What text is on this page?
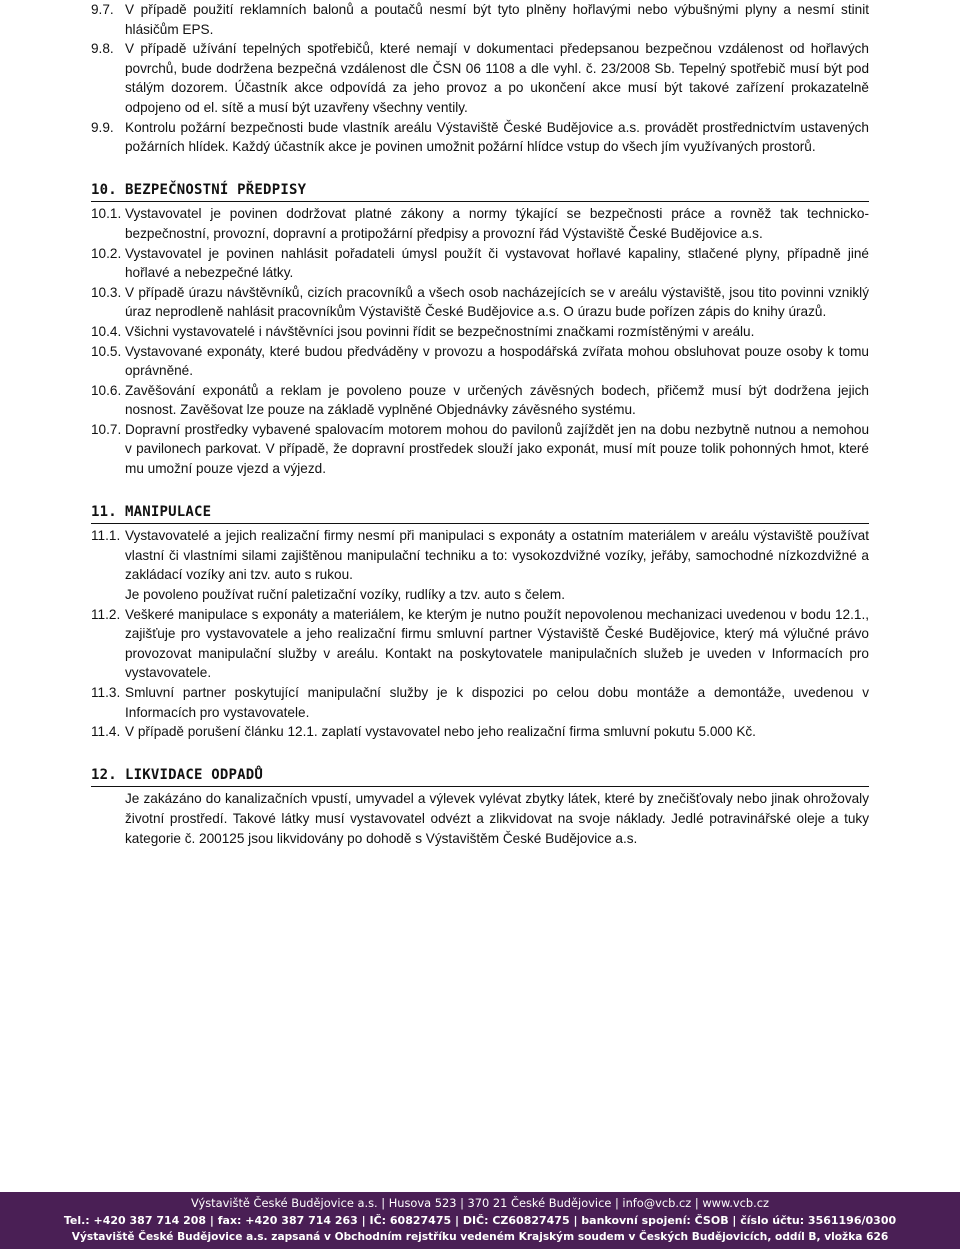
9.7. V případě použití reklamních balonů a poutačů nesmí být tyto plněny hořlavými nebo výbušnými plyny a nesmí stinit hlásičům EPS.
9.8. V případě užívání tepelných spotřebičů, které nemají v dokumentaci předepsanou bezpečnou vzdálenost od hořlavých povrchů, bude dodržena bezpečná vzdálenost dle ČSN 06 1108 a dle vyhl. č. 23/2008 Sb. Tepelný spotřebič musí být pod stálým dozorem. Účastník akce odpovídá za jeho provoz a po ukončení akce musí být takové zařízení prokazatelně odpojeno od el. sítě a musí být uzavřeny všechny ventily.
9.9. Kontrolu požární bezpečnosti bude vlastník areálu Výstaviště České Budějovice a.s. provádět prostřednictvím ustavených požárních hlídek. Každý účastník akce je povinen umožnit požární hlídce vstup do všech jím využívaných prostorů.
10. BEZPEČNOSTNÍ PŘEDPISY
10.1. Vystavovatel je povinen dodržovat platné zákony a normy týkající se bezpečnosti práce a rovněž tak technicko-bezpečnostní, provozní, dopravní a protipožární předpisy a provozní řád Výstaviště České Budějovice a.s.
10.2. Vystavovatel je povinen nahlásit pořadateli úmysl použít či vystavovat hořlavé kapaliny, stlačené plyny, případně jiné hořlavé a nebezpečné látky.
10.3. V případě úrazu návštěvníků, cizích pracovníků a všech osob nacházejících se v areálu výstaviště, jsou tito povinni vzniklý úraz neprodleně nahlásit pracovníkům Výstaviště České Budějovice a.s. O úrazu bude pořízen zápis do knihy úrazů.
10.4. Všichni vystavovatelé i návštěvníci jsou povinni řídit se bezpečnostními značkami rozmístěnými v areálu.
10.5. Vystavované exponáty, které budou předváděny v provozu a hospodářská zvířata mohou obsluhovat pouze osoby k tomu oprávněné.
10.6. Zavěšování exponátů a reklam je povoleno pouze v určených závěsných bodech, přičemž musí být dodržena jejich nosnost. Zavěšovat lze pouze na základě vyplněné Objednávky závěsného systému.
10.7. Dopravní prostředky vybavené spalovacím motorem mohou do pavilonů zajíždět jen na dobu nezbytně nutnou a nemohou v pavilonech parkovat. V případě, že dopravní prostředek slouží jako exponát, musí mít pouze tolik pohonných hmot, které mu umožní pouze vjezd a výjezd.
11. MANIPULACE
11.1. Vystavovatelé a jejich realizační firmy nesmí při manipulaci s exponáty a ostatním materiálem v areálu výstaviště používat vlastní či vlastními silami zajištěnou manipulační techniku a to: vysokozdvižné vozíky, jeřáby, samochodné nízkozdvižné a zakládací vozíky ani tzv. auto s rukou.
Je povoleno používat ruční paletizační vozíky, rudlíky a tzv. auto s čelem.
11.2. Veškeré manipulace s exponáty a materiálem, ke kterým je nutno použít nepovolenou mechanizaci uvedenou v bodu 12.1., zajišťuje pro vystavovatele a jeho realizační firmu smluvní partner Výstaviště České Budějovice, který má výlučné právo provozovat manipulační služby v areálu. Kontakt na poskytovatele manipulačních služeb je uveden v Informacích pro vystavovatele.
11.3. Smluvní partner poskytující manipulační služby je k dispozici po celou dobu montáže a demontáže, uvedenou v Informacích pro vystavovatele.
11.4. V případě porušení článku 12.1. zaplatí vystavovatel nebo jeho realizační firma smluvní pokutu 5.000 Kč.
12. LIKVIDACE ODPADŮ
Je zakázáno do kanalizačních vpustí, umyvadel a výlevek vylévat zbytky látek, které by znečišťovaly nebo jinak ohrožovaly životní prostředí. Takové látky musí vystavovatel odvézt a zlikvidovat na svoje náklady. Jedlé potravinářské oleje a tuky kategorie č. 200125 jsou likvidovány po dohodě s Výstavištěm České Budějovice a.s.
Výstaviště České Budějovice a.s. | Husova 523 | 370 21 České Budějovice | info@vcb.cz | www.vcb.cz
Tel.: +420 387 714 208 | fax: +420 387 714 263 | IČ: 60827475 | DIČ: CZ60827475 | bankovní spojení: ČSOB | číslo účtu: 3561196/0300
Výstaviště České Budějovice a.s. zapsaná v Obchodním rejstříku vedeném Krajským soudem v Českých Budějovicích, oddíl B, vložka 626
